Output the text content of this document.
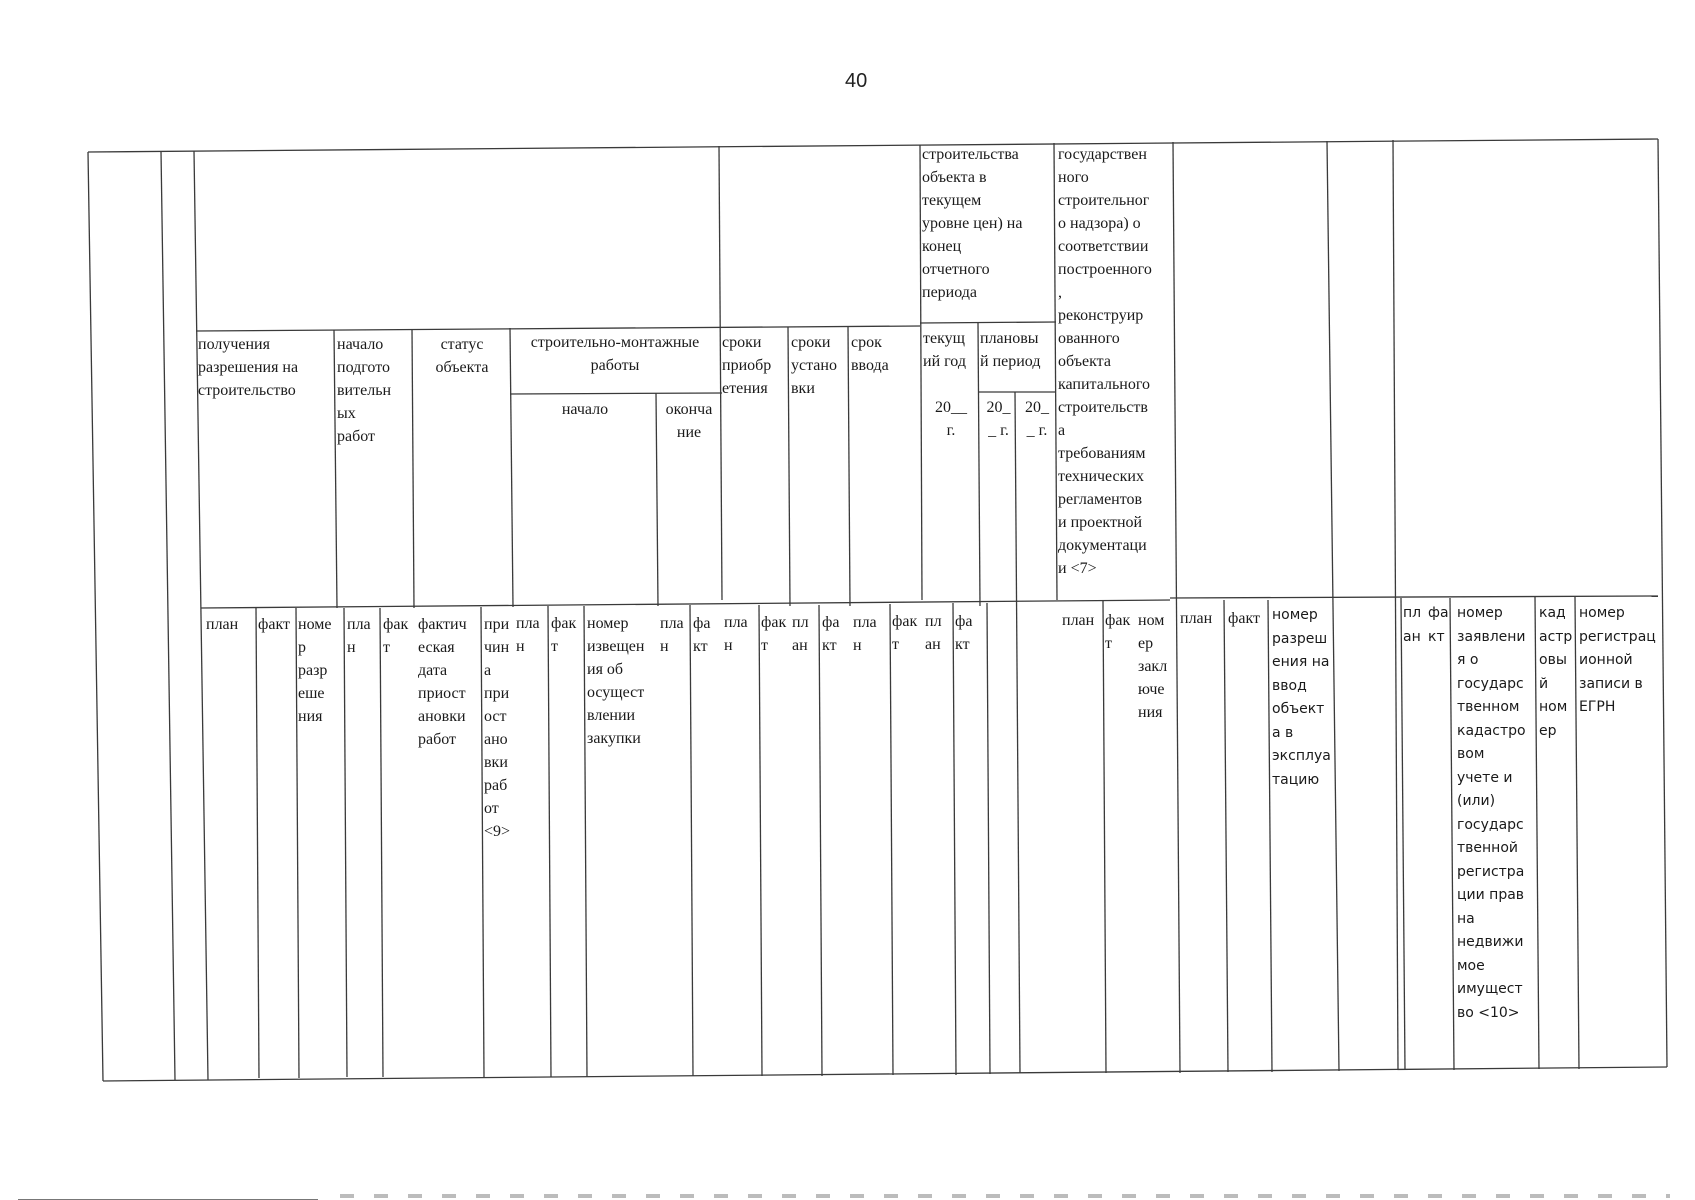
40
строительства
объекта в
текущем
уровне цен) на
конец
отчетного
периода
государствен
ного
строительног
о надзора) о
соответствии
построенного
,
реконструир
ованного
объекта
капитального
строительств
а
требованиям
технических
регламентов
и проектной
документаци
и <7>
получения
разрешения на
строительство
начало
подгото
вительн
ых
работ
статус
объекта
строительно-монтажные
работы
начало	оконча
ние
сроки
приобр
етения
сроки
устано
вки
срок
ввода
текущ
ий год
плановы
й период
20__
г.
20_
_ г.
20_
_ г.
план	факт номе
р
разр
еше
ния
пла
н
фак
т
фактич
еская
дата
приост
ановки
работ
при
чин
а
при
ост
ано
вки
раб
от
<9>
пла
н
фак
т
номер
извещен
ия об
осущест
влении
закупки
пла
н
фа
кт
пла
н
фак
т
пл
ан
фа
кт
пла
н
фак
т
пл
ан
фа
кт
план фак
т
ном
ер
закл
юче
ния
план факт номер
разреш
ения на
ввод
объект
а в
эксплуа
тацию
пл
ан
фа
кт
номер
заявлени
я о
государс
твенном
кадастро
вом
учете и
(или)
государс
твенной
регистра
ции прав
на
недвижи
мое
имущест
во <10>
кад
астр
овы
й
ном
ер
номер
регистрац
ионной
записи в
ЕГРН
